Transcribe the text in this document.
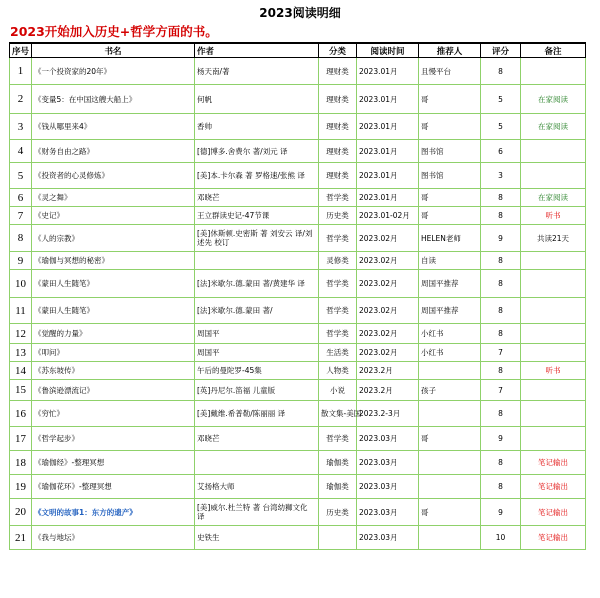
2023阅读明细
2023开始加入历史+哲学方面的书。
序号	书名	作者	分类	阅读时间	推荐人	评分	备注
1	《一个投资家的20年》	杨天南/著	理财类	2023.01月	且慢平台	8	
2	《变量5：在中国这艘大船上》	何帆	理财类	2023.01月	哥	5	在家阅读
3	《钱从哪里来4》	香帅	理财类	2023.01月	哥	5	在家阅读
4	《财务自由之路》	[德]博多.舍费尔 著/刘元 译	理财类	2023.01月	图书馆	6	
5	《投资者的心灵修炼》	[美]本.卡尔森 著 罗格速/张熊 译	理财类	2023.01月	图书馆	3	
6	《灵之舞》	邓晓芒	哲学类	2023.01月	哥	8	在家阅读
7	《史记》	王立群读史记-47节课	历史类	2023.01-02月	哥	8	听书
8	《人的宗教》	[美]休斯顿.史密斯 著 刘安云 译/刘述先 校订	哲学类	2023.02月	HELEN老师	9	共读21天
9	《瑜伽与冥想的秘密》		灵修类	2023.02月	自读	8	
10	《蒙田人生随笔》	[法]米歇尔.德.蒙田 著/黄建华 译	哲学类	2023.02月	周国平推荐	8	
11	《蒙田人生随笔》	[法]米歇尔.德.蒙田 著/	哲学类	2023.02月	周国平推荐	8	
12	《觉醒的力量》	周国平	哲学类	2023.02月	小红书	8	
13	《叩问》	周国平	生活类	2023.02月	小红书	7	
14	《苏东坡传》	午后的曼陀罗-45集	人物类	2023.2月		8	听书
15	《鲁滨逊漂流记》	[英]丹尼尔.笛福 儿童版	小说	2023.2月	孩子	7	
16	《穷忙》	[美]戴维.希普勒/陈丽丽 译	散文集-美国	2023.2-3月		8	
17	《哲学起步》	邓晓芒	哲学类	2023.03月	哥	9	
18	《瑜伽经》-整理冥想		瑜伽类	2023.03月		8	笔记输出
19	《瑜伽花环》-整理冥想	艾扬格大师	瑜伽类	2023.03月		8	笔记输出
20	《文明的故事1：东方的遗产》	[美]威尔.杜兰特 著 台湾幼狮文化 译	历史类	2023.03月	哥	9	笔记输出
21	《我与地坛》	史铁生		2023.03月		10	笔记输出
